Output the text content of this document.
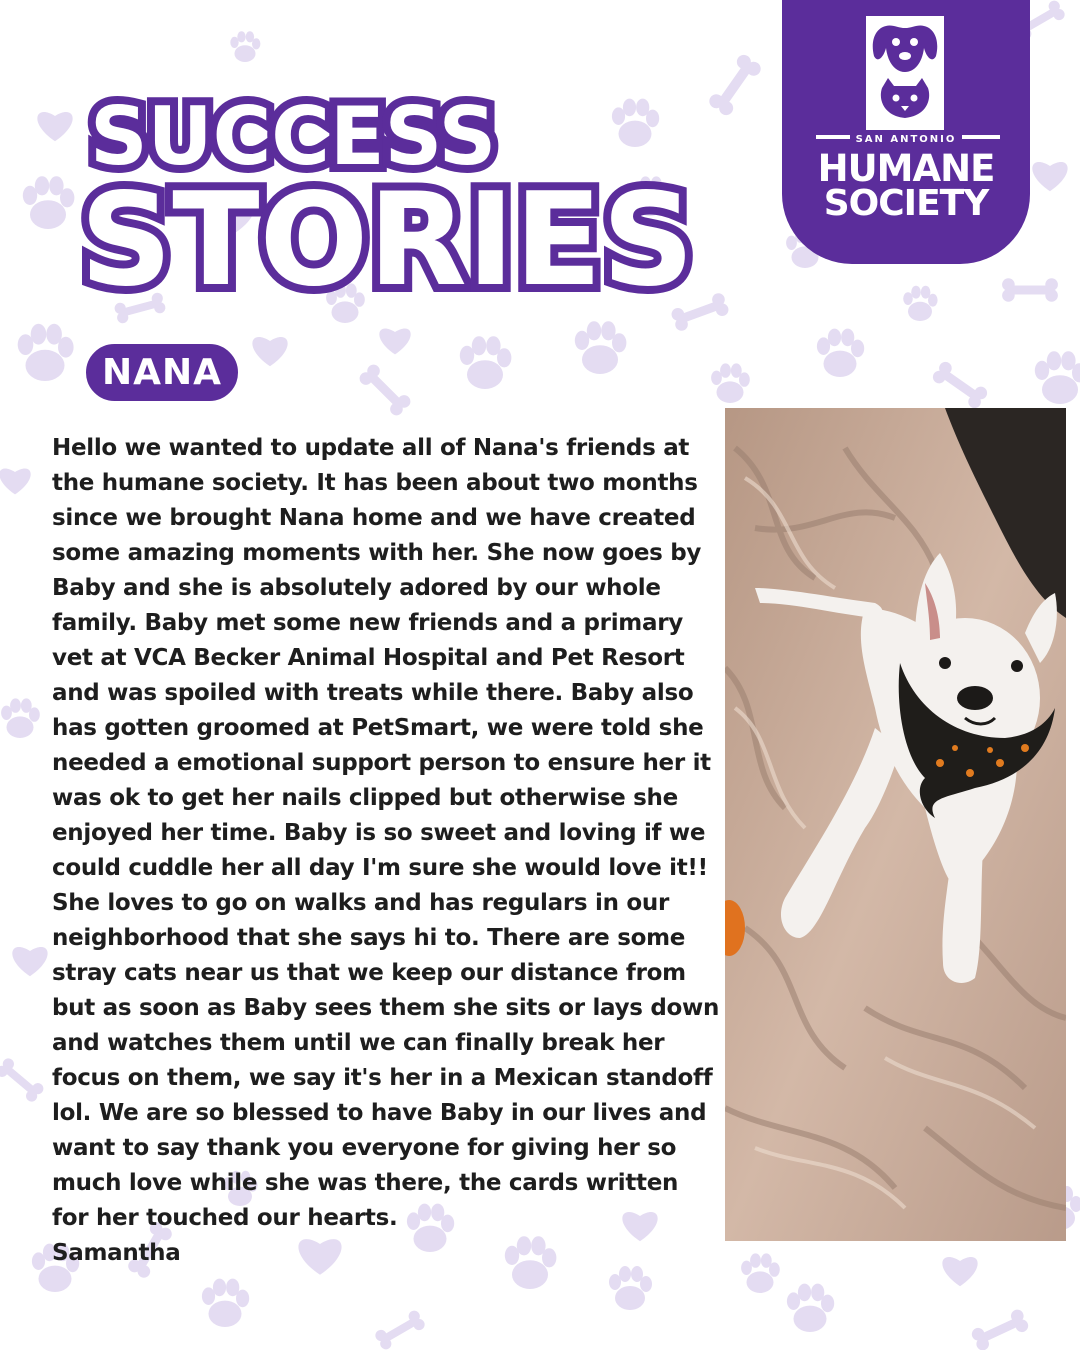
SUCCESS
STORIES
NANA
SAN ANTONIO
HUMANE
SOCIETY

Hello we wanted to update all of Nana's friends at the humane society. It has been about two months since we brought Nana home and we have created some amazing moments with her. She now goes by Baby and she is absolutely adored by our whole family. Baby met some new friends and a primary vet at VCA Becker Animal Hospital and Pet Resort and was spoiled with treats while there. Baby also has gotten groomed at PetSmart, we were told she needed a emotional support person to ensure her it was ok to get her nails clipped but otherwise she enjoyed her time. Baby is so sweet and loving if we could cuddle her all day I'm sure she would love it!! She loves to go on walks and has regulars in our neighborhood that she says hi to. There are some stray cats near us that we keep our distance from but as soon as Baby sees them she sits or lays down and watches them until we can finally break her focus on them, we say it's her in a Mexican standoff lol. We are so blessed to have Baby in our lives and want to say thank you everyone for giving her so much love while she was there, the cards written for her touched our hearts.

Samantha
